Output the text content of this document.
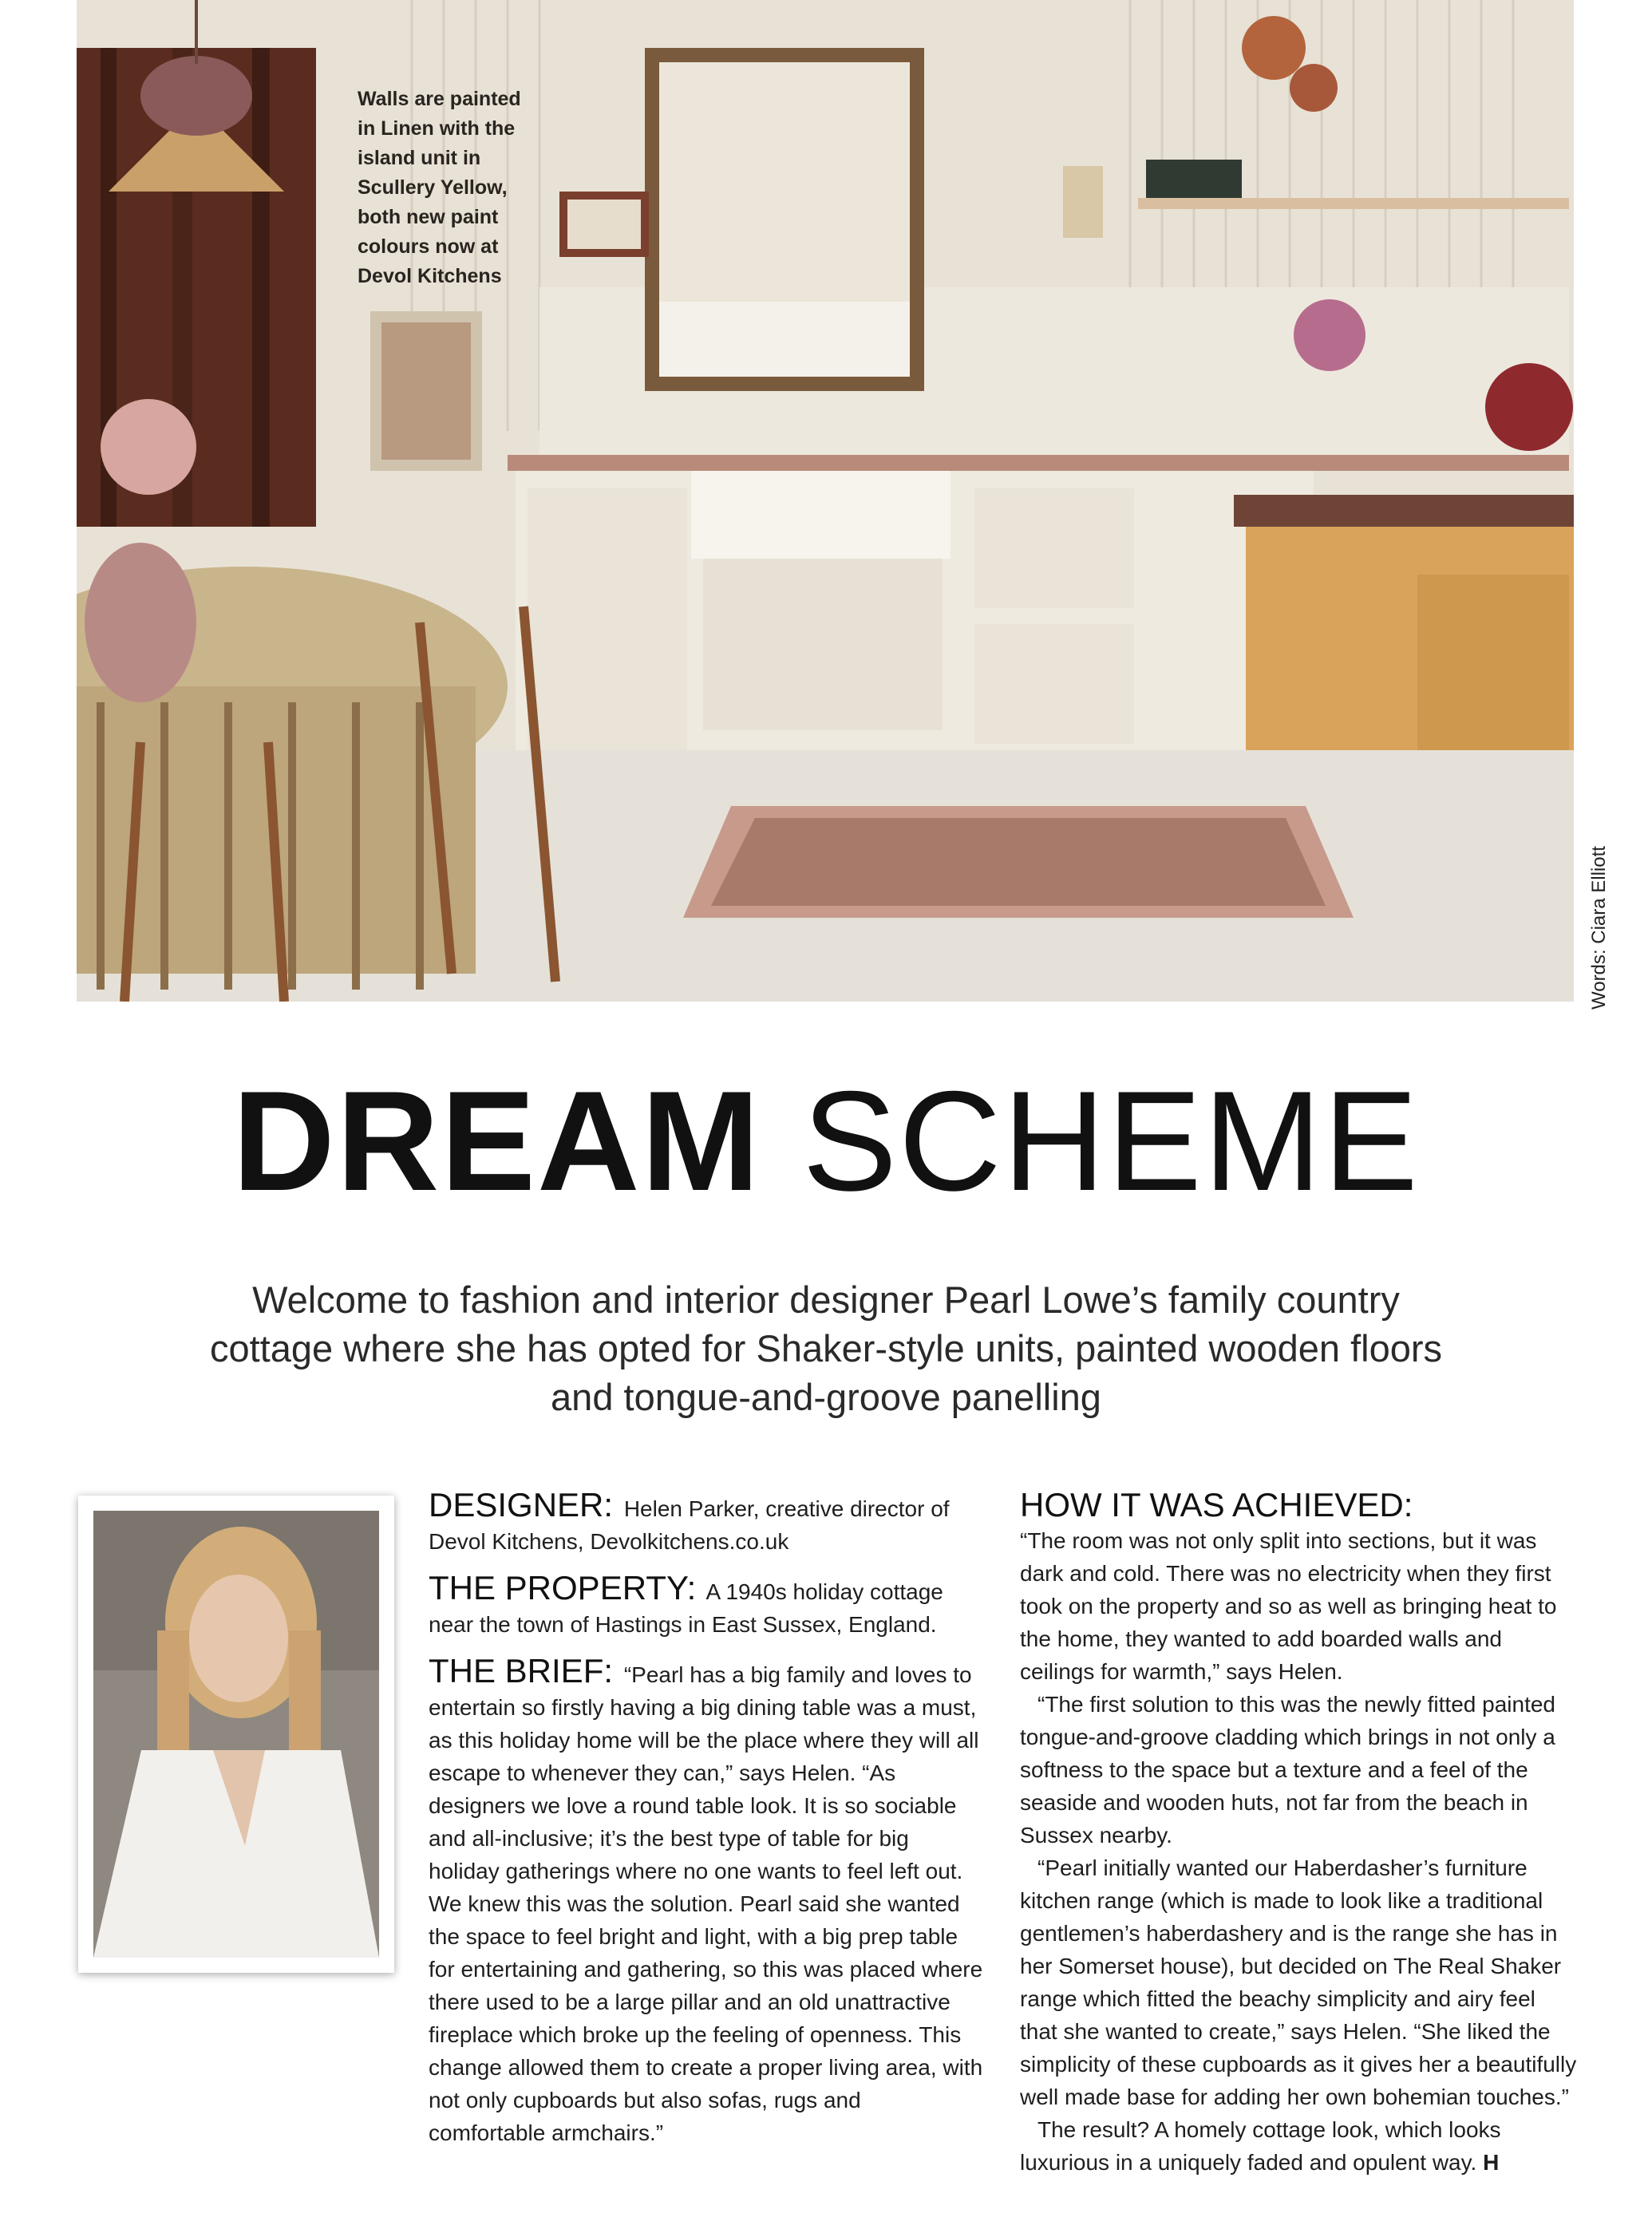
Walls are painted in Linen with the island unit in Scullery Yellow, both new paint colours now at Devol Kitchens
Words: Ciara Elliott
DREAM SCHEME
Welcome to fashion and interior designer Pearl Lowe’s family country cottage where she has opted for Shaker-style units, painted wooden floors and tongue-and-groove panelling

DESIGNER: Helen Parker, creative director of Devol Kitchens, Devolkitchens.co.uk

THE PROPERTY: A 1940s holiday cottage near the town of Hastings in East Sussex, England.

THE BRIEF: “Pearl has a big family and loves to entertain so firstly having a big dining table was a must, as this holiday home will be the place where they will all escape to whenever they can,” says Helen. “As designers we love a round table look. It is so sociable and all-inclusive; it’s the best type of table for big holiday gatherings where no one wants to feel left out. We knew this was the solution. Pearl said she wanted the space to feel bright and light, with a big prep table for entertaining and gathering, so this was placed where there used to be a large pillar and an old unattractive fireplace which broke up the feeling of openness. This change allowed them to create a proper living area, with not only cupboards but also sofas, rugs and comfortable armchairs.”

HOW IT WAS ACHIEVED:

“The room was not only split into sections, but it was dark and cold. There was no electricity when they first took on the property and so as well as bringing heat to the home, they wanted to add boarded walls and ceilings for warmth,” says Helen.

“The first solution to this was the newly fitted painted tongue-and-groove cladding which brings in not only a softness to the space but a texture and a feel of the seaside and wooden huts, not far from the beach in Sussex nearby.

“Pearl initially wanted our Haberdasher’s furniture kitchen range (which is made to look like a traditional gentlemen’s haberdashery and is the range she has in her Somerset house), but decided on The Real Shaker range which fitted the beachy simplicity and airy feel that she wanted to create,” says Helen. “She liked the simplicity of these cupboards as it gives her a beautifully well made base for adding her own bohemian touches.”

The result? A homely cottage look, which looks luxurious in a uniquely faded and opulent way. H
